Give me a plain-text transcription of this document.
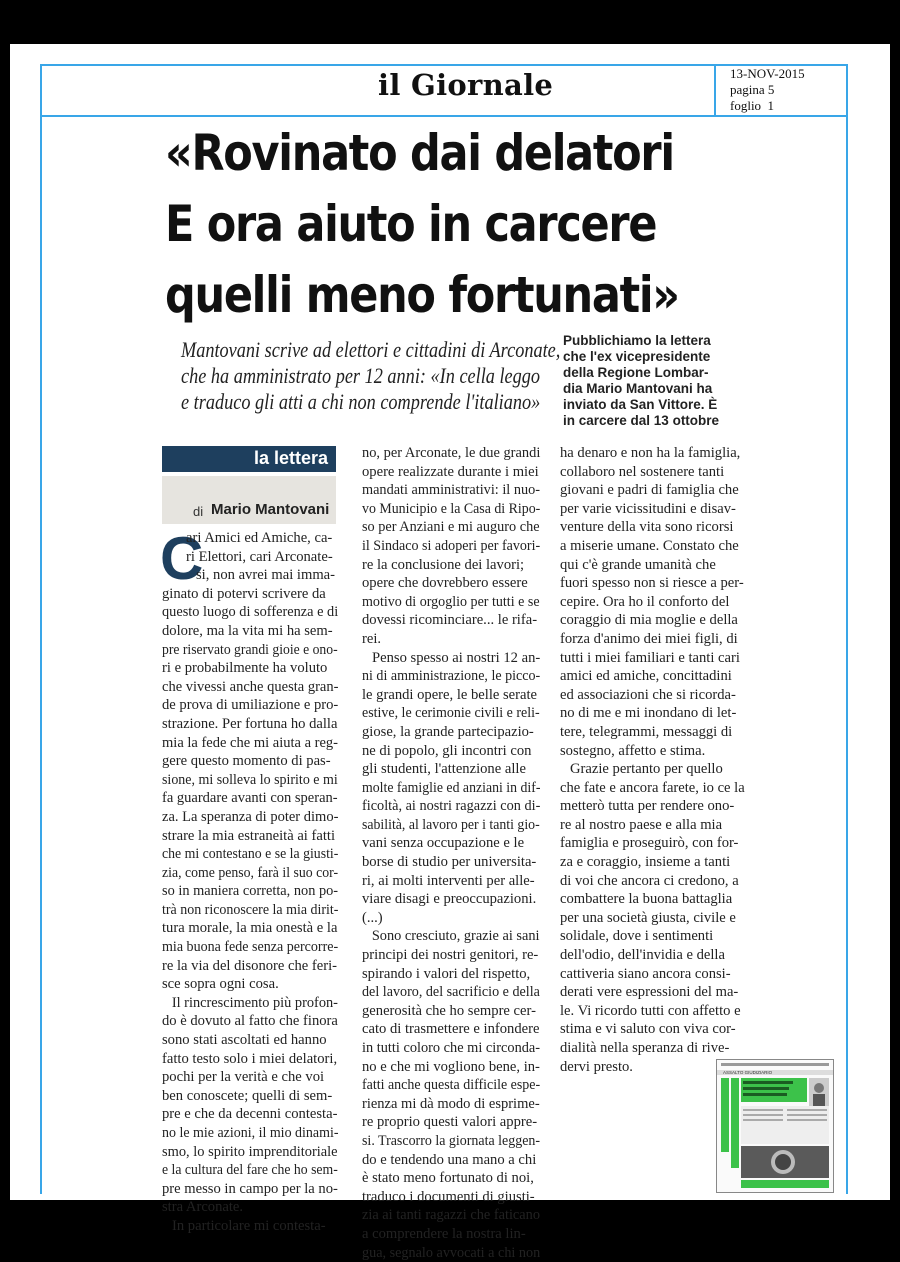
il Giornale	13-NOV-2015
pagina 5
foglio  1
«Rovinato dai delatori
E ora aiuto in carcere
quelli meno fortunati»
Mantovani scrive ad elettori e cittadini di Arconate,
che ha amministrato per 12 anni: «In cella leggo
e traduco gli atti a chi non comprende l'italiano»
Pubblichiamo la lettera
che l'ex vicepresidente
della Regione Lombar-
dia Mario Mantovani ha
inviato da San Vittore. È
in carcere dal 13 ottobre
la lettera
di Mario Mantovani
C
ari Amici ed Amiche, ca-
ri Elettori, cari Arconate-
si, non avrei mai imma-
ginato di potervi scrivere da
questo luogo di sofferenza e di
dolore, ma la vita mi ha sem-
pre riservato grandi gioie e ono-
ri e probabilmente ha voluto
che vivessi anche questa gran-
de prova di umiliazione e pro-
strazione. Per fortuna ho dalla
mia la fede che mi aiuta a reg-
gere questo momento di pas-
sione, mi solleva lo spirito e mi
fa guardare avanti con speran-
za. La speranza di poter dimo-
strare la mia estraneità ai fatti
che mi contestano e se la giusti-
zia, come penso, farà il suo cor-
so in maniera corretta, non po-
trà non riconoscere la mia dirit-
tura morale, la mia onestà e la
mia buona fede senza percorre-
re la via del disonore che feri-
sce sopra ogni cosa.
Il rincrescimento più profon-
do è dovuto al fatto che finora
sono stati ascoltati ed hanno
fatto testo solo i miei delatori,
pochi per la verità e che voi
ben conoscete; quelli di sem-
pre e che da decenni contesta-
no le mie azioni, il mio dinami-
smo, lo spirito imprenditoriale
e la cultura del fare che ho sem-
pre messo in campo per la no-
stra Arconate.
In particolare mi contesta-
no, per Arconate, le due grandi
opere realizzate durante i miei
mandati amministrativi: il nuo-
vo Municipio e la Casa di Ripo-
so per Anziani e mi auguro che
il Sindaco si adoperi per favori-
re la conclusione dei lavori;
opere che dovrebbero essere
motivo di orgoglio per tutti e se
dovessi ricominciare... le rifa-
rei.
Penso spesso ai nostri 12 an-
ni di amministrazione, le picco-
le grandi opere, le belle serate
estive, le cerimonie civili e reli-
giose, la grande partecipazio-
ne di popolo, gli incontri con
gli studenti, l'attenzione alle
molte famiglie ed anziani in dif-
ficoltà, ai nostri ragazzi con di-
sabilità, al lavoro per i tanti gio-
vani senza occupazione e le
borse di studio per universita-
ri, ai molti interventi per alle-
viare disagi e preoccupazioni.
(...)
Sono cresciuto, grazie ai sani
principi dei nostri genitori, re-
spirando i valori del rispetto,
del lavoro, del sacrificio e della
generosità che ho sempre cer-
cato di trasmettere e infondere
in tutti coloro che mi circonda-
no e che mi vogliono bene, in-
fatti anche questa difficile espe-
rienza mi dà modo di esprime-
re proprio questi valori appre-
si. Trascorro la giornata leggen-
do e tendendo una mano a chi
è stato meno fortunato di noi,
traduco i documenti di giusti-
zia ai tanti ragazzi che faticano
a comprendere la nostra lin-
gua, segnalo avvocati a chi non
ha denaro e non ha la famiglia,
collaboro nel sostenere tanti
giovani e padri di famiglia che
per varie vicissitudini e disav-
venture della vita sono ricorsi
a miserie umane. Constato che
qui c'è grande umanità che
fuori spesso non si riesce a per-
cepire. Ora ho il conforto del
coraggio di mia moglie e della
forza d'animo dei miei figli, di
tutti i miei familiari e tanti cari
amici ed amiche, concittadini
ed associazioni che si ricorda-
no di me e mi inondano di let-
tere, telegrammi, messaggi di
sostegno, affetto e stima.
Grazie pertanto per quello
che fate e ancora farete, io ce la
metterò tutta per rendere ono-
re al nostro paese e alla mia
famiglia e proseguirò, con for-
za e coraggio, insieme a tanti
di voi che ancora ci credono, a
combattere la buona battaglia
per una società giusta, civile e
solidale, dove i sentimenti
dell'odio, dell'invidia e della
cattiveria siano ancora consi-
derati vere espressioni del ma-
le. Vi ricordo tutti con affetto e
stima e vi saluto con viva cor-
dialità nella speranza di rive-
dervi presto.	ASSALTO GIUDIZIARIO
